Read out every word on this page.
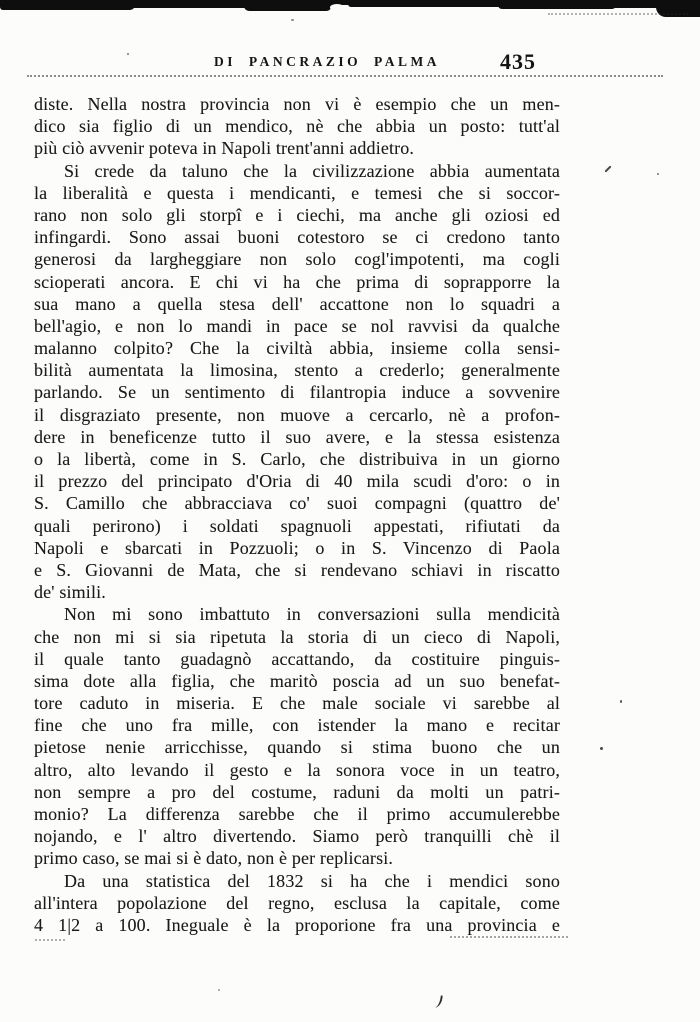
DI PANCRAZIO PALMA	435
diste. Nella nostra provincia non vi è esempio che un men-
dico sia figlio di un mendico, nè che abbia un posto: tutt'al
più ciò avvenir poteva in Napoli trent'anni addietro.
Si crede da taluno che la civilizzazione abbia aumentata
la liberalità e questa i mendicanti, e temesi che si soccor-
rano non solo gli storpî e i ciechi, ma anche gli oziosi ed
infingardi. Sono assai buoni cotestoro se ci credono tanto
generosi da largheggiare non solo cogl'impotenti, ma cogli
scioperati ancora. E chi vi ha che prima di soprapporre la
sua mano a quella stesa dell' accattone non lo squadri a
bell'agio, e non lo mandi in pace se nol ravvisi da qualche
malanno colpito? Che la civiltà abbia, insieme colla sensi-
bilità aumentata la limosina, stento a crederlo; generalmente
parlando. Se un sentimento di filantropia induce a sovvenire
il disgraziato presente, non muove a cercarlo, nè a profon-
dere in beneficenze tutto il suo avere, e la stessa esistenza
o la libertà, come in S. Carlo, che distribuiva in un giorno
il prezzo del principato d'Oria di 40 mila scudi d'oro: o in
S. Camillo che abbracciava co' suoi compagni (quattro de'
quali perirono) i soldati spagnuoli appestati, rifiutati da
Napoli e sbarcati in Pozzuoli; o in S. Vincenzo di Paola
e S. Giovanni de Mata, che si rendevano schiavi in riscatto
de' simili.
Non mi sono imbattuto in conversazioni sulla mendicità
che non mi si sia ripetuta la storia di un cieco di Napoli,
il quale tanto guadagnò accattando, da costituire pinguis-
sima dote alla figlia, che maritò poscia ad un suo benefat-
tore caduto in miseria. E che male sociale vi sarebbe al
fine che uno fra mille, con istender la mano e recitar
pietose nenie arricchisse, quando si stima buono che un
altro, alto levando il gesto e la sonora voce in un teatro,
non sempre a pro del costume, raduni da molti un patri-
monio? La differenza sarebbe che il primo accumulerebbe
nojando, e l' altro divertendo. Siamo però tranquilli chè il
primo caso, se mai si è dato, non è per replicarsi.
Da una statistica del 1832 si ha che i mendici sono
all'intera popolazione del regno, esclusa la capitale, come
4 1|2 a 100. Ineguale è la proporione fra una provincia e
